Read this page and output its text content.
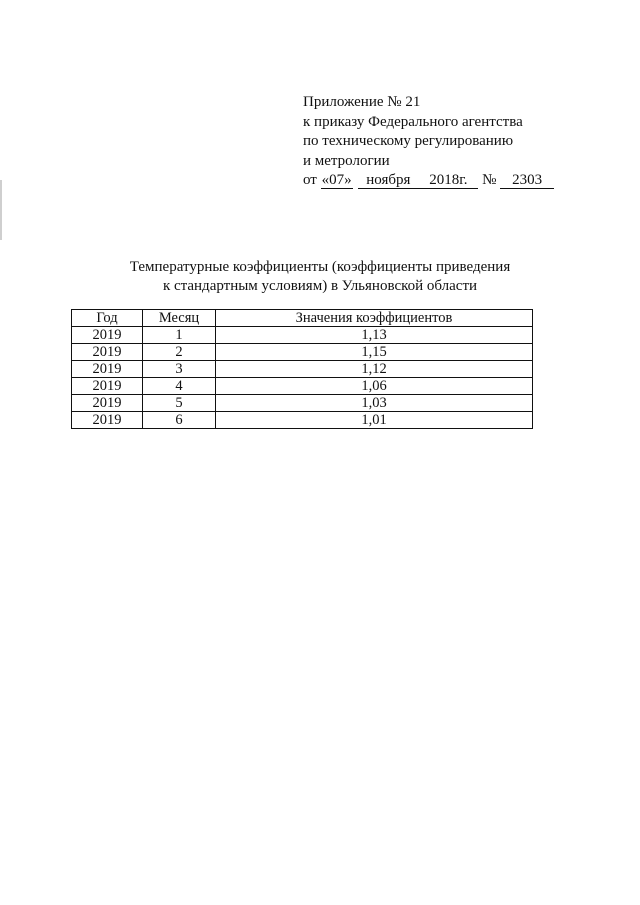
Приложение № 21
к приказу Федерального агентства
по техническому регулированию
и метрологии
от «07» ноября 2018г. № 2303
Температурные коэффициенты (коэффициенты приведения
к стандартным условиям) в Ульяновской области
Год	Месяц	Значения коэффициентов
2019	1	1,13
2019	2	1,15
2019	3	1,12
2019	4	1,06
2019	5	1,03
2019	6	1,01
